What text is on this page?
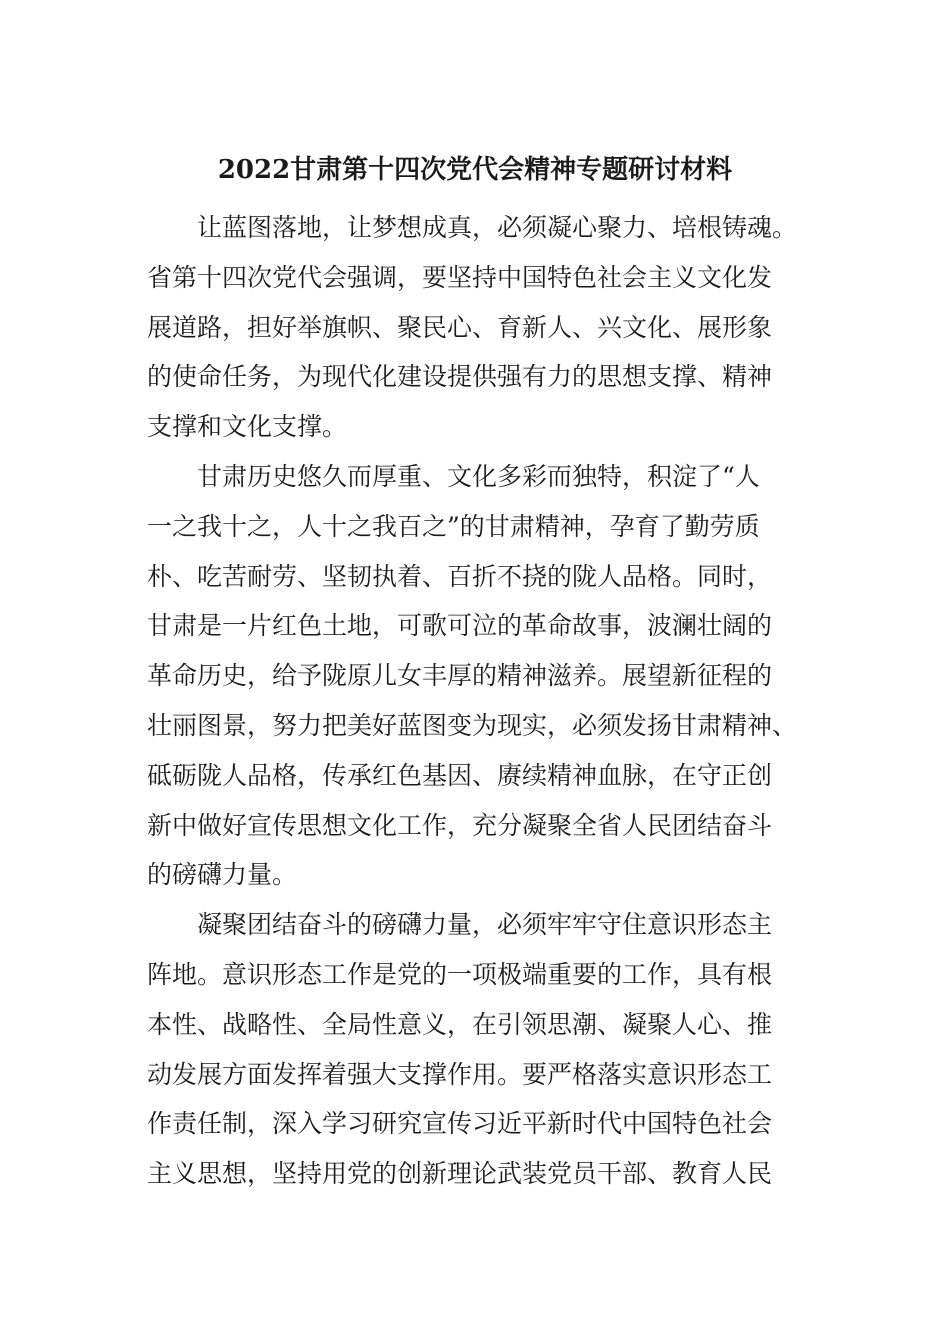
2022甘肃第十四次党代会精神专题研讨材料
让蓝图落地，让梦想成真，必须凝心聚力、培根铸魂。
省第十四次党代会强调，要坚持中国特色社会主义文化发
展道路，担好举旗帜、聚民心、育新人、兴文化、展形象
的使命任务，为现代化建设提供强有力的思想支撑、精神
支撑和文化支撑。
甘肃历史悠久而厚重、文化多彩而独特，积淀了“人
一之我十之，人十之我百之”的甘肃精神，孕育了勤劳质
朴、吃苦耐劳、坚韧执着、百折不挠的陇人品格。同时，
甘肃是一片红色土地，可歌可泣的革命故事，波澜壮阔的
革命历史，给予陇原儿女丰厚的精神滋养。展望新征程的
壮丽图景，努力把美好蓝图变为现实，必须发扬甘肃精神、
砥砺陇人品格，传承红色基因、赓续精神血脉，在守正创
新中做好宣传思想文化工作，充分凝聚全省人民团结奋斗
的磅礴力量。
凝聚团结奋斗的磅礴力量，必须牢牢守住意识形态主
阵地。意识形态工作是党的一项极端重要的工作，具有根
本性、战略性、全局性意义，在引领思潮、凝聚人心、推
动发展方面发挥着强大支撑作用。要严格落实意识形态工
作责任制，深入学习研究宣传习近平新时代中国特色社会
主义思想，坚持用党的创新理论武装党员干部、教育人民
